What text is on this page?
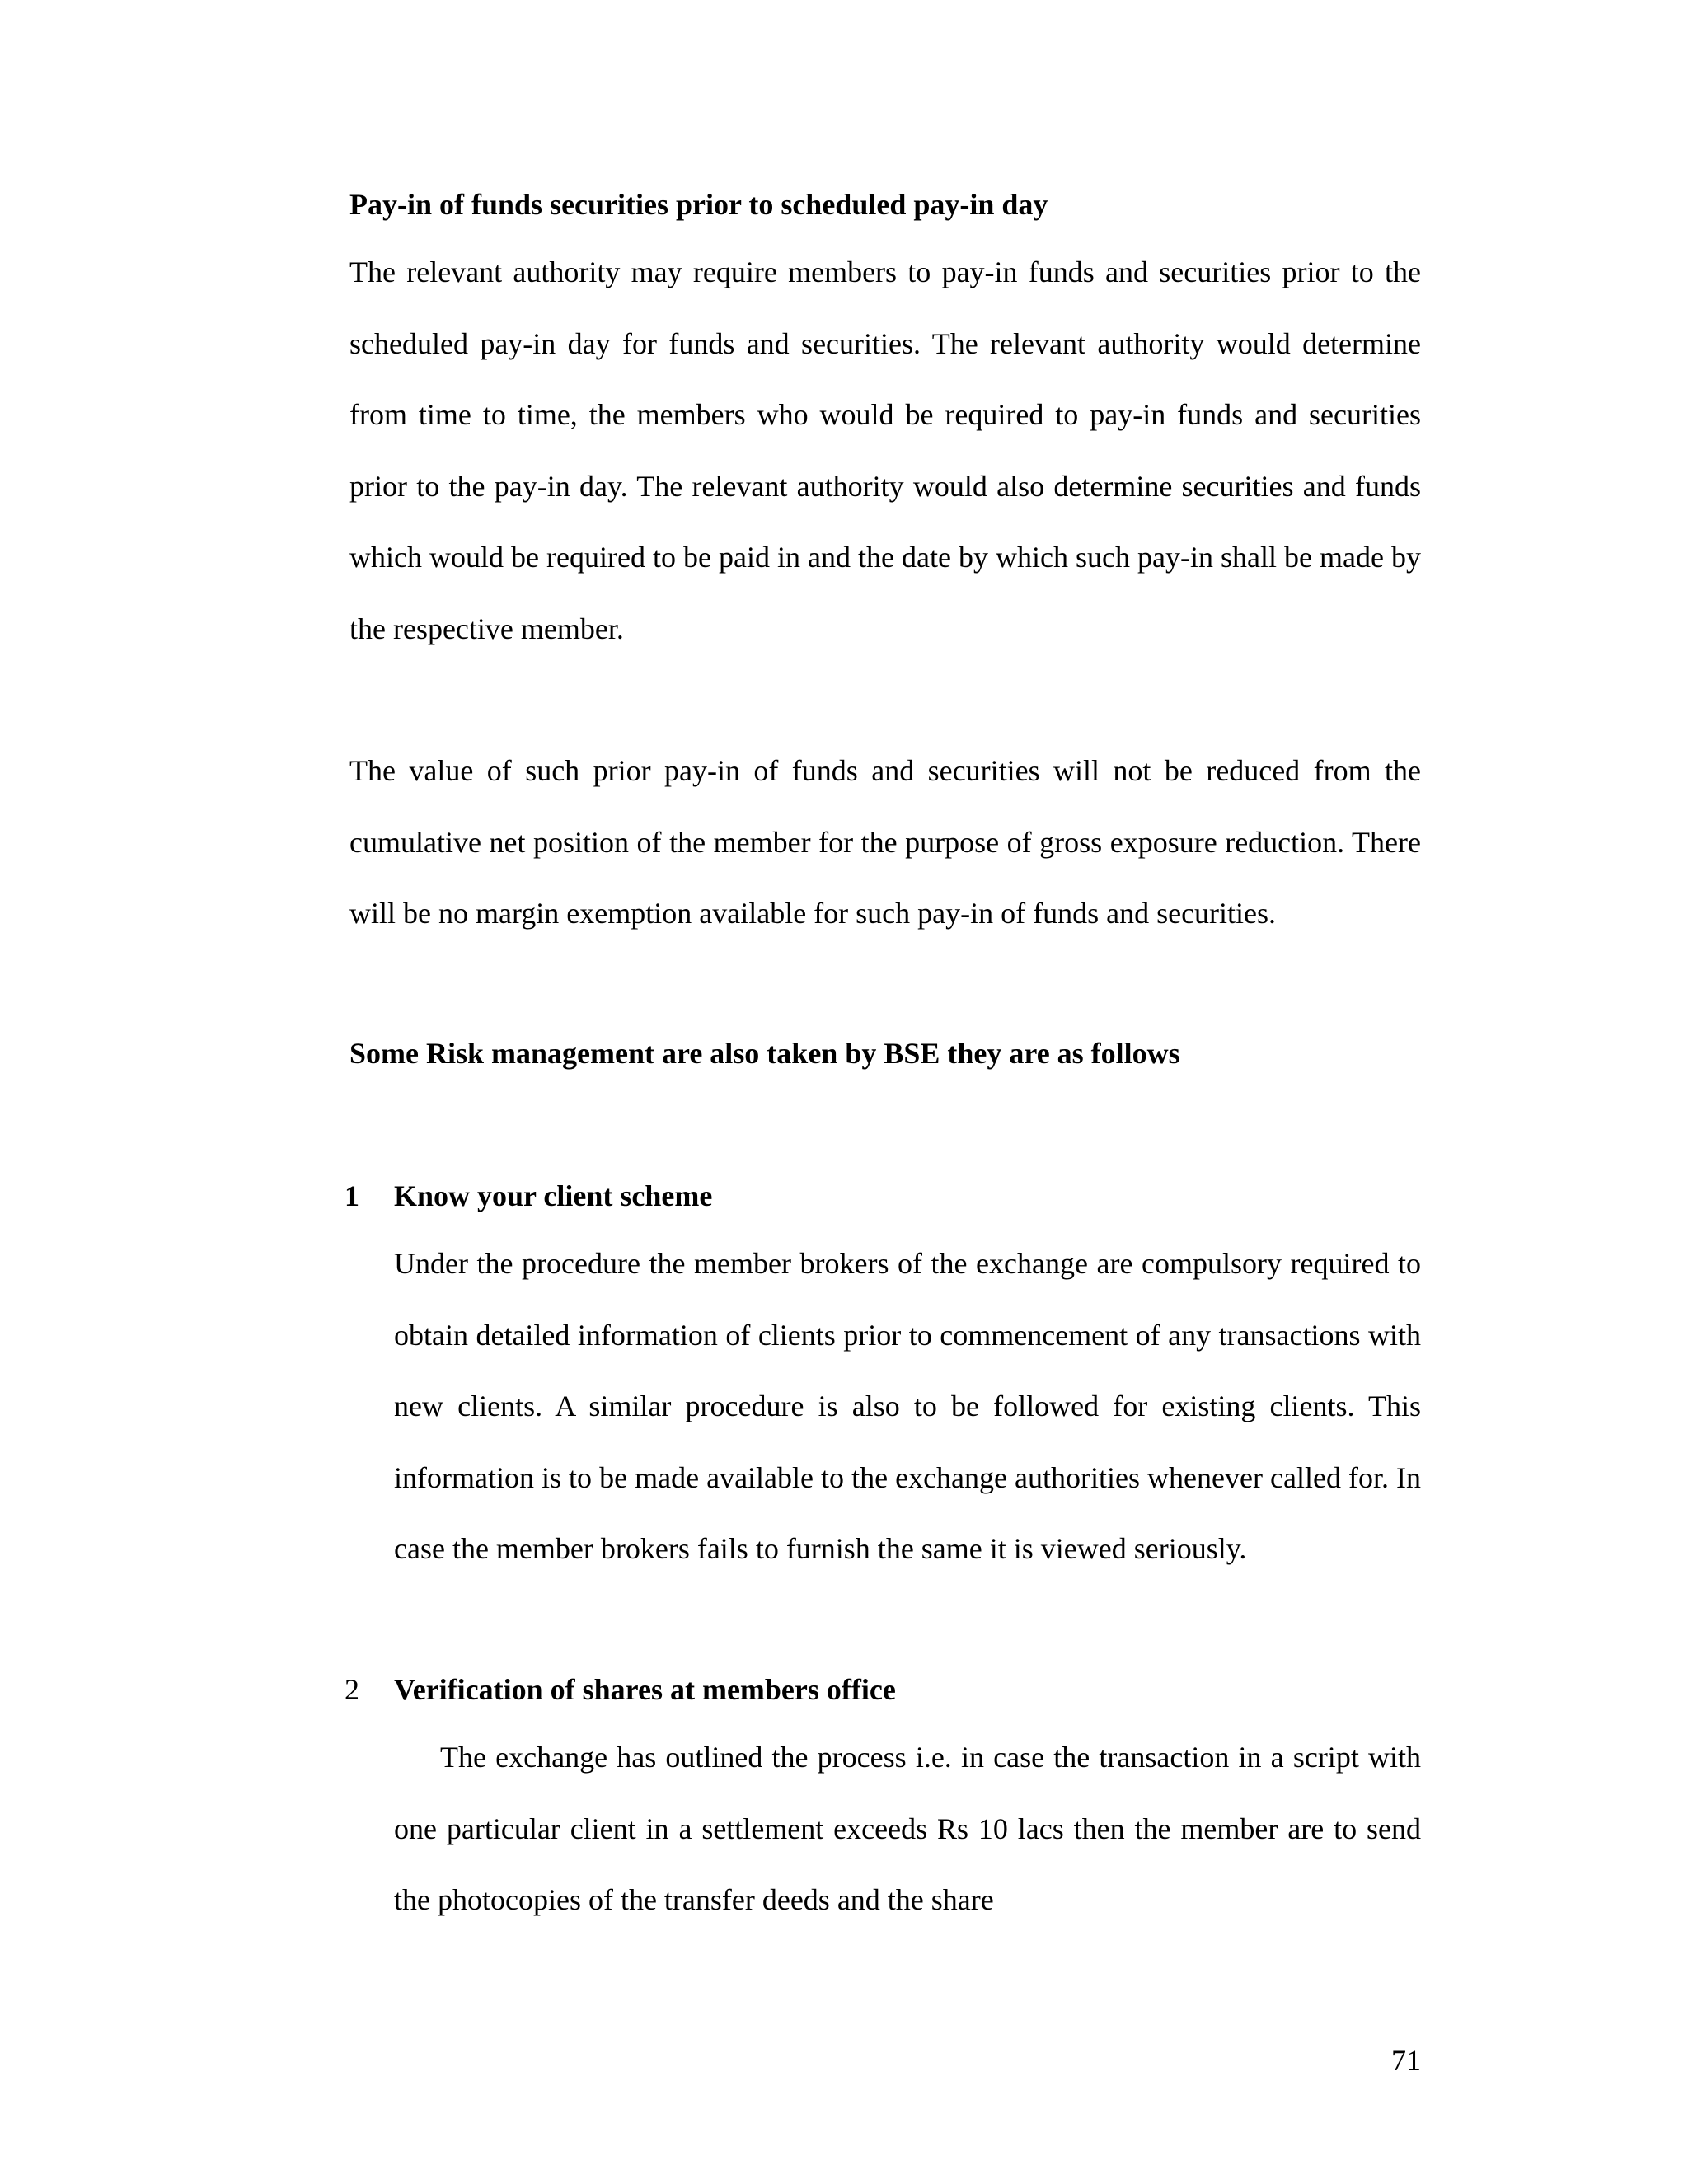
Pay-in of funds securities prior to scheduled pay-in day

The relevant authority may require members to pay-in funds and securities prior to the scheduled pay-in day for funds and securities. The relevant authority would determine from time to time, the members who would be required to pay-in funds and securities prior to the pay-in day. The relevant authority would also determine securities and funds which would be required to be paid in and the date by which such pay-in shall be made by the respective member.

The value of such prior pay-in of funds and securities will not be reduced from the cumulative net position of the member for the purpose of gross exposure reduction. There will be no margin exemption available for such pay-in of funds and securities.

Some Risk management are also taken by BSE they are as follows

1 Know your client scheme

Under the procedure the member brokers of the exchange are compulsory required to obtain detailed information of clients prior to commencement of any transactions with new clients. A similar procedure is also to be followed for existing clients. This information is to be made available to the exchange authorities whenever called for. In case the member brokers fails to furnish the same it is viewed seriously.

2 Verification of shares at members office

The exchange has outlined the process i.e. in case the transaction in a script with one particular client in a settlement exceeds Rs 10 lacs then the member are to send the photocopies of the transfer deeds and the share

71
